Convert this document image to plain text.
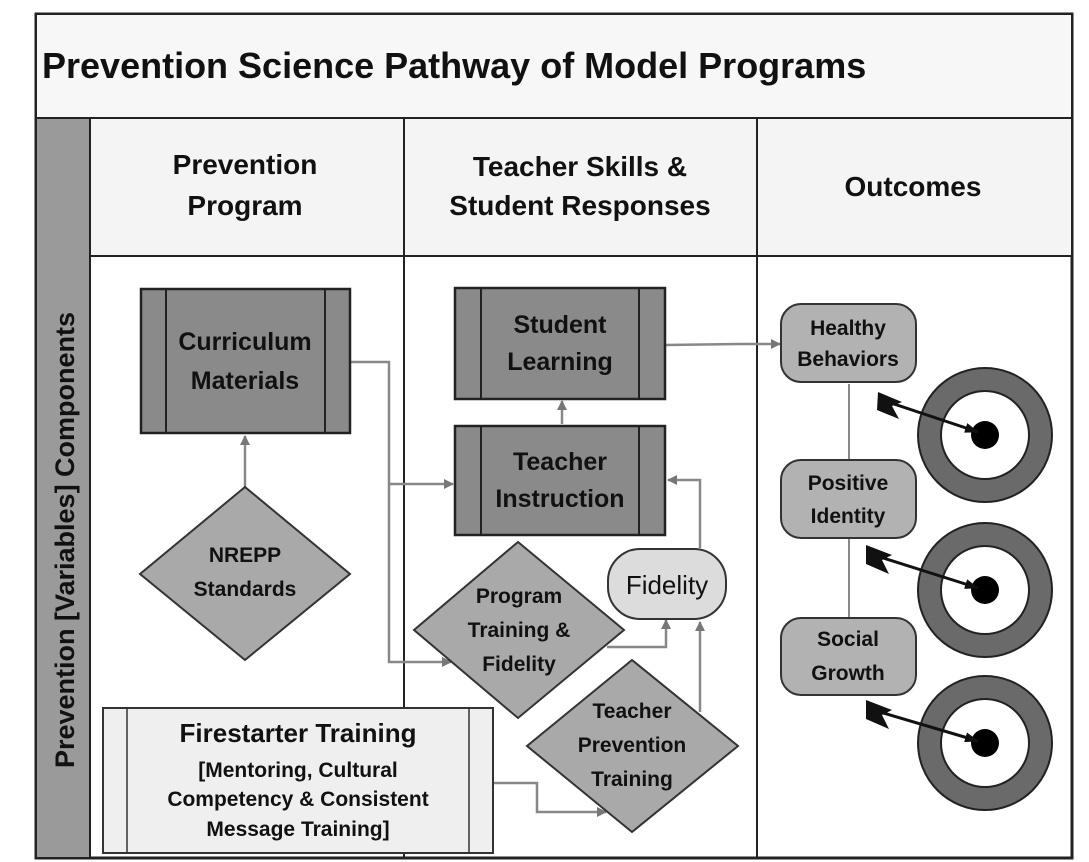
Prevention Science Pathway of Model Programs
Prevention [Variables] Components
Prevention
Program
Teacher Skills &
Student Responses
Outcomes
Curriculum
Materials
NREPP
Standards
Firestarter Training
[Mentoring, Cultural
Competency & Consistent
Message Training]
Student
Learning
Teacher
Instruction
Program
Training &
Fidelity
Teacher
Prevention
Training
Fidelity
Healthy
Behaviors
Positive
Identity
Social
Growth
